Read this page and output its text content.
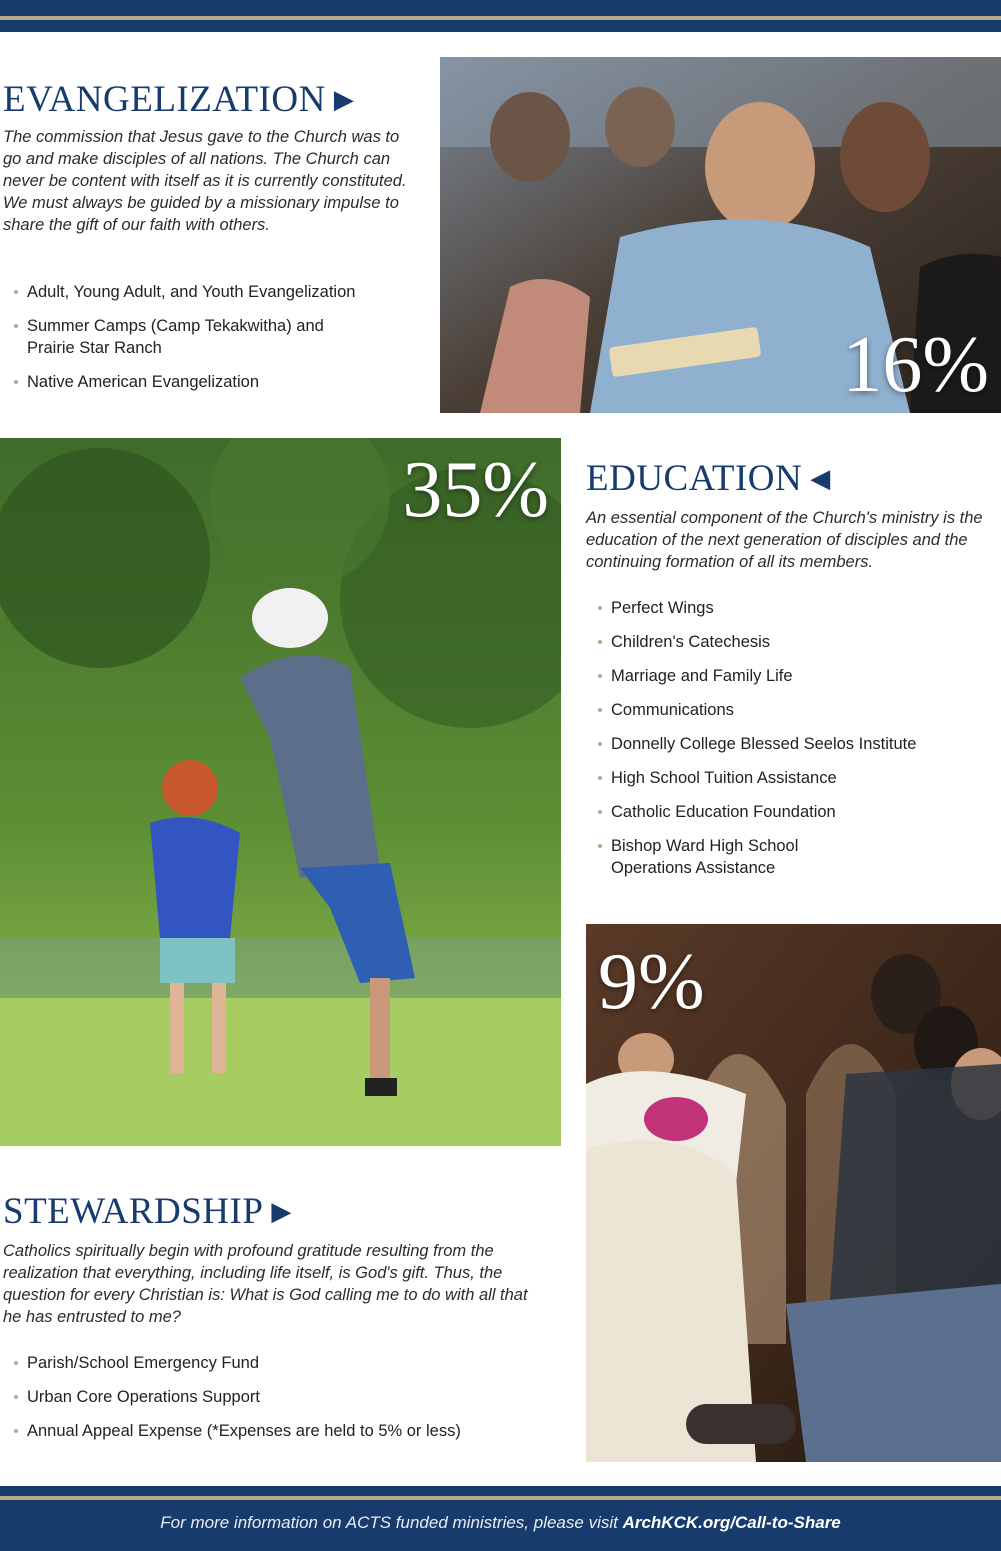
EVANGELIZATION ▶

The commission that Jesus gave to the Church was to go and make disciples of all nations. The Church can never be content with itself as it is currently constituted. We must always be guided by a missionary impulse to share the gift of our faith with others.

Adult, Young Adult, and Youth Evangelization
Summer Camps (Camp Tekakwitha) and Prairie Star Ranch
Native American Evangelization	16%
35% EDUCATION ◀

An essential component of the Church's ministry is the education of the next generation of disciples and the continuing formation of all its members.

Perfect Wings
Children's Catechesis
Marriage and Family Life
Communications
Donnelly College Blessed Seelos Institute
High School Tuition Assistance
Catholic Education Foundation
Bishop Ward High School Operations Assistance
9%
STEWARDSHIP ▶

Catholics spiritually begin with profound gratitude resulting from the realization that everything, including life itself, is God's gift. Thus, the question for every Christian is: What is God calling me to do with all that he has entrusted to me?

Parish/School Emergency Fund
Urban Core Operations Support
Annual Appeal Expense (*Expenses are held to 5% or less)
For more information on ACTS funded ministries, please visit ArchKCK.org/Call-to-Share
